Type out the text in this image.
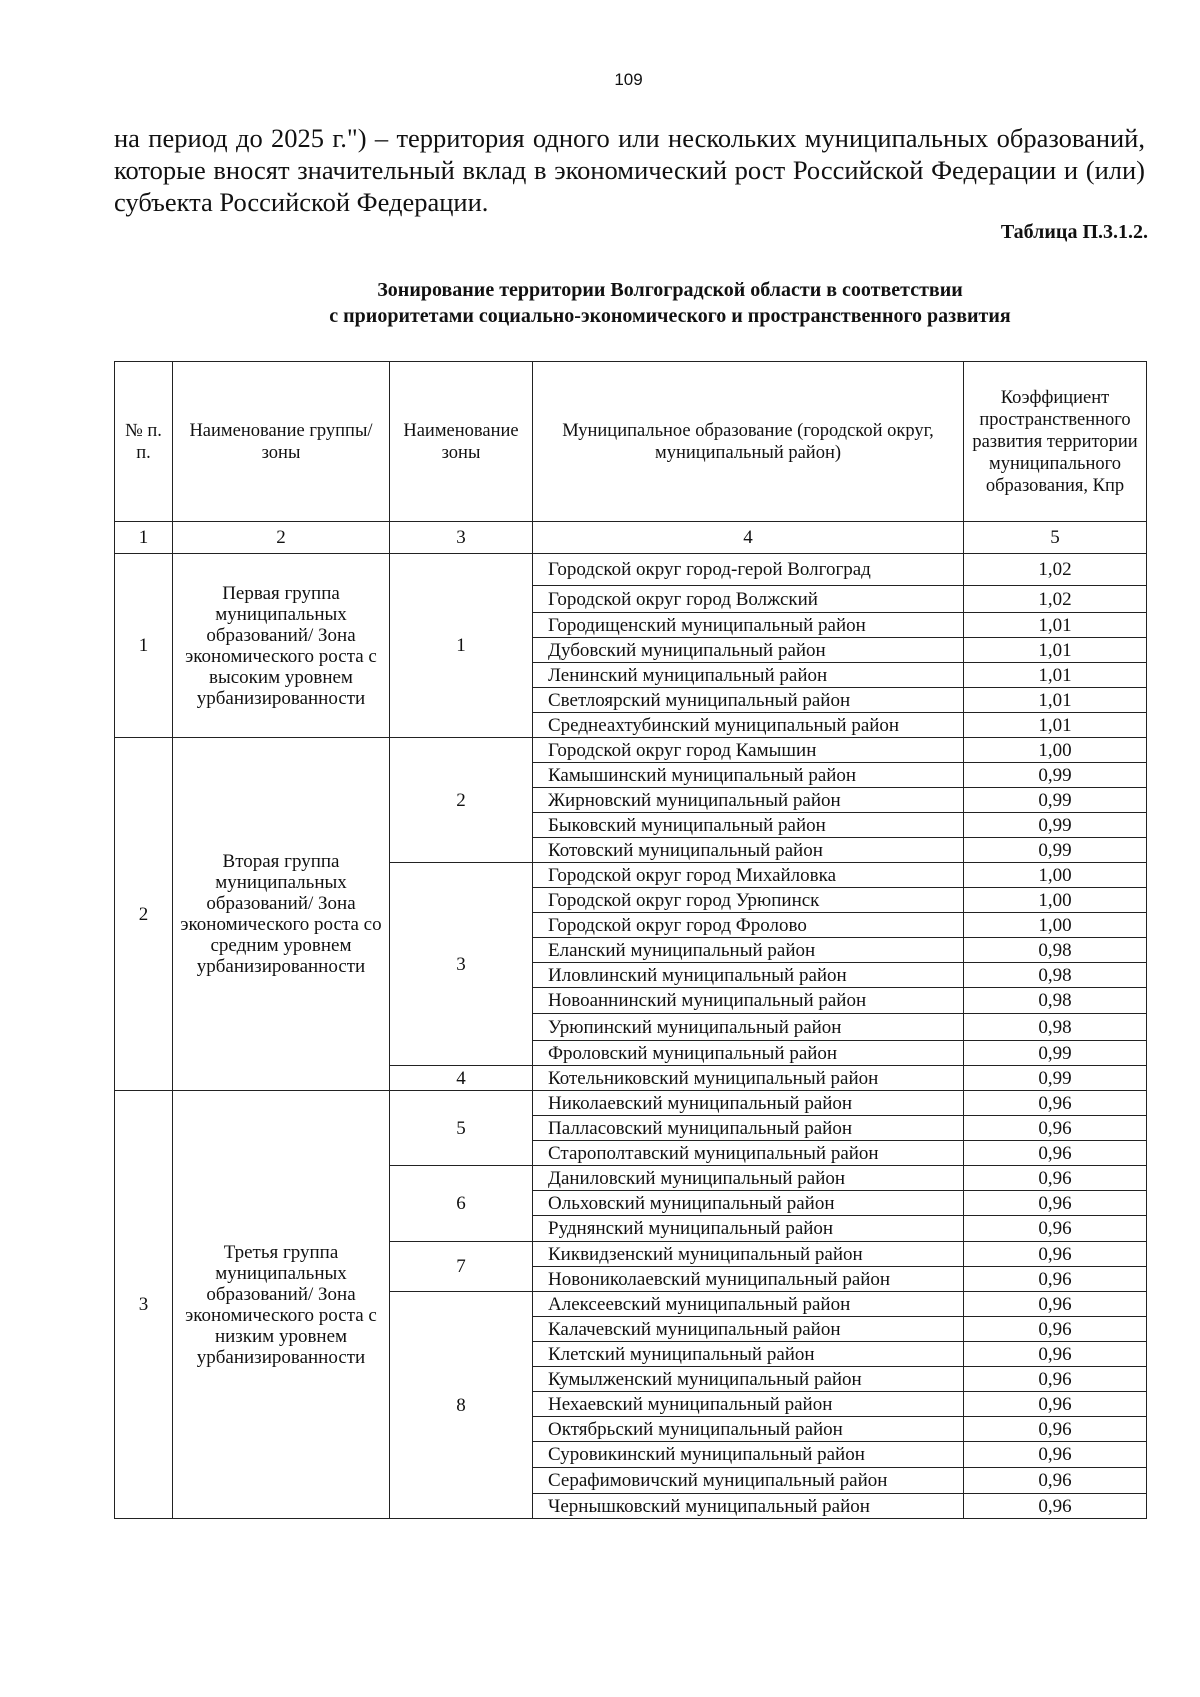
109
на период до 2025 г.") – территория одного или нескольких муниципальных образований, которые вносят значительный вклад в экономический рост Российской Федерации и (или) субъекта Российской Федерации.
Таблица П.3.1.2.
Зонирование территории Волгоградской области в соответствии
с приоритетами социально-экономического и пространственного развития
№ п. п.	Наименование группы/зоны	Наименование зоны	Муниципальное образование (городской округ, муниципальный район)	Коэффициент пространственного развития территории муниципального образования, Кпр
1	2	3	4	5
1	Первая группа муниципальных образований/ Зона экономического роста с высоким уровнем урбанизированности	1	Городской округ город-герой Волгоград	1,02
			Городской округ город Волжский	1,02
			Городищенский муниципальный район	1,01
			Дубовский муниципальный район	1,01
			Ленинский муниципальный район	1,01
			Светлоярский муниципальный район	1,01
			Среднеахтубинский муниципальный район	1,01
2	Вторая группа муниципальных образований/ Зона экономического роста со средним уровнем урбанизированности	2	Городской округ город Камышин	1,00
			Камышинский муниципальный район	0,99
			Жирновский муниципальный район	0,99
			Быковский муниципальный район	0,99
			Котовский муниципальный район	0,99
		3	Городской округ город Михайловка	1,00
			Городской округ город Урюпинск	1,00
			Городской округ город Фролово	1,00
			Еланский муниципальный район	0,98
			Иловлинский муниципальный район	0,98
			Новоаннинский муниципальный район	0,98
			Урюпинский муниципальный район	0,98
			Фроловский муниципальный район	0,99
		4	Котельниковский муниципальный район	0,99
3	Третья группа муниципальных образований/ Зона экономического роста с низким уровнем урбанизированности	5	Николаевский муниципальный район	0,96
			Палласовский муниципальный район	0,96
			Старополтавский муниципальный район	0,96
		6	Даниловский муниципальный район	0,96
			Ольховский муниципальный район	0,96
			Руднянский муниципальный район	0,96
		7	Киквидзенский муниципальный район	0,96
			Новониколаевский муниципальный район	0,96
		8	Алексеевский муниципальный район	0,96
			Калачевский муниципальный район	0,96
			Клетский муниципальный район	0,96
			Кумылженский муниципальный район	0,96
			Нехаевский муниципальный район	0,96
			Октябрьский муниципальный район	0,96
			Суровикинский муниципальный район	0,96
			Серафимовичский муниципальный район	0,96
			Чернышковский муниципальный район	0,96
